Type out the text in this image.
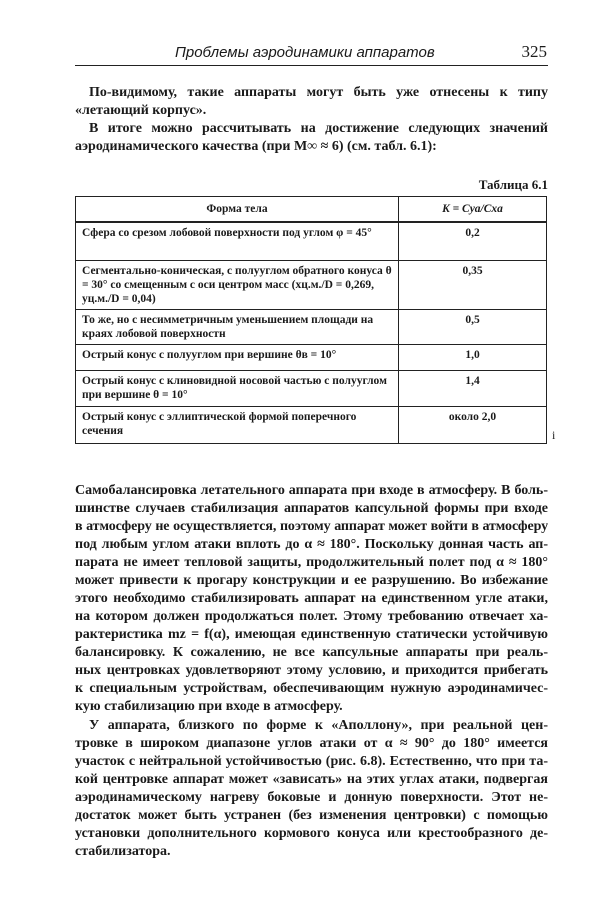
Проблемы аэродинамики аппаратов	325
По-видимому, такие аппараты могут быть уже отнесены к типу
«летающий корпус».
В итоге можно рассчитывать на достижение следующих значений
аэродинамического качества (при M∞ ≈ 6) (см. табл. 6.1):
Таблица 6.1
Форма тела	K = Cyа/Cxа
Сфера со срезом лобовой поверхности под углом φ = 45°	0,2
Сегментально-коническая, с полууглом обратного конуса θ = 30° со смещенным с оси центром масс (xц.м./D = 0,269, yц.м./D = 0,04)	0,35
То же, но с несимметричным уменьшением площади на краях лобовой поверхностн	0,5
Острый конус с полууглом при вершине θв = 10°	1,0
Острый конус с клиновидной носовой частью с полууглом при вершине θ = 10°	1,4
Острый конус с эллиптической формой поперечного сечения	около 2,0
Самобалансировка летательного аппарата при входе в атмосферу. В боль-
шинстве случаев стабилизация аппаратов капсульной формы при входе
в атмосферу не осуществляется, поэтому аппарат может войти в атмосферу
под любым углом атаки вплоть до α ≈ 180°. Поскольку донная часть ап-
парата не имеет тепловой защиты, продолжительный полет под α ≈ 180°
может привести к прогару конструкции и ее разрушению. Во избежание
этого необходимо стабилизировать аппарат на единственном угле атаки,
на котором должен продолжаться полет. Этому требованию отвечает ха-
рактеристика mz = f(α), имеющая единственную статически устойчивую
балансировку. К сожалению, не все капсульные аппараты при реаль-
ных центровках удовлетворяют этому условию, и приходится прибегать
к специальным устройствам, обеспечивающим нужную аэродинамичес-
кую стабилизацию при входе в атмосферу.
У аппарата, близкого по форме к «Аполлону», при реальной цен-
тровке в широком диапазоне углов атаки от α ≈ 90° до 180° имеется
участок с нейтральной устойчивостью (рис. 6.8). Естественно, что при та-
кой центровке аппарат может «зависать» на этих углах атаки, подвергая
аэродинамическому нагреву боковые и донную поверхности. Этот не-
достаток может быть устранен (без изменения центровки) с помощью
установки дополнительного кормового конуса или крестообразного де-
стабилизатора.
i
